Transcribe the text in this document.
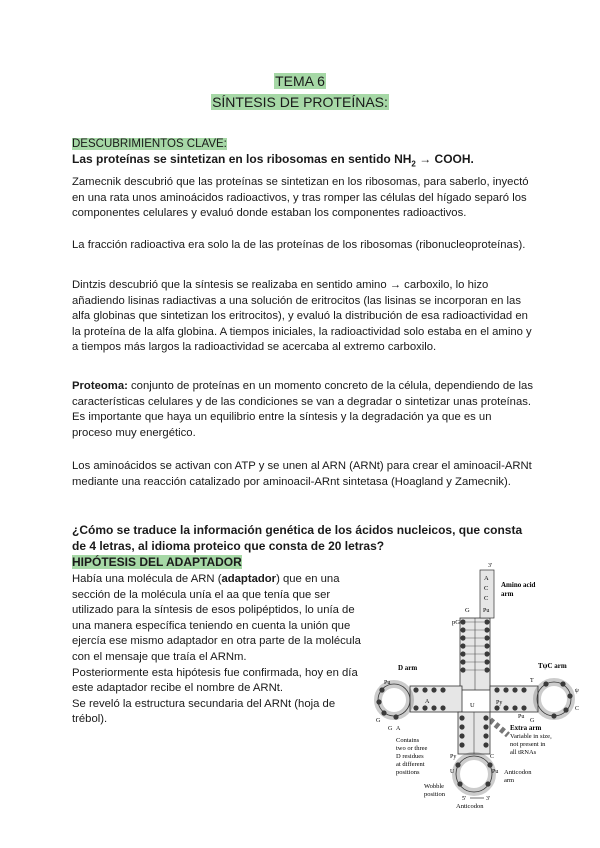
TEMA 6
SÍNTESIS DE PROTEÍNAS:
DESCUBRIMIENTOS CLAVE:
Las proteínas se sintetizan en los ribosomas en sentido $NH_2$ → COOH.

Zamecnik descubrió que las proteínas se sintetizan en los ribosomas, para saberlo, inyectó en una rata unos aminoácidos radioactivos, y tras romper las células del hígado separó los componentes celulares y evaluó donde estaban los componentes radioactivos.

La fracción radioactiva era solo la de las proteínas de los ribosomas (ribonucleoproteínas).

Dintzis descubrió que la síntesis se realizaba en sentido amino → carboxilo, lo hizo añadiendo lisinas radiactivas a una solución de eritrocitos (las lisinas se incorporan en las alfa globinas que sintetizan los eritrocitos), y evaluó la distribución de esa radioactividad en la proteína de la alfa globina. A tiempos iniciales, la radioactividad solo estaba en el amino y a tiempos más largos la radioactividad se acercaba al extremo carboxilo.

Proteoma: conjunto de proteínas en un momento concreto de la célula, dependiendo de las características celulares y de las condiciones se van a degradar o sintetizar unas proteínas. Es importante que haya un equilibrio entre la síntesis y la degradación ya que es un proceso muy energético.

Los aminoácidos se activan con ATP y se unen al ARN (ARNt) para crear el aminoacil-ARNt mediante una reacción catalizado por aminoacil-ARnt sintetasa (Hoagland y Zamecnik).

¿Cómo se traduce la información genética de los ácidos nucleicos, que consta
de 4 letras, al idioma proteico que consta de 20 letras?
HIPÓTESIS DEL ADAPTADOR

Había una molécula de ARN (adaptador) que en una sección de la molécula unía el aa que tenía que ser utilizado para la síntesis de esos polipéptidos, lo unía de una manera específica teniendo en cuenta la unión que ejercía ese mismo adaptador en otra parte de la molécula con el mensaje que traía el ARNm.
Posteriormente esta hipótesis fue confirmada, hoy en día este adaptador recibe el nombre de ARNt.
Se reveló la estructura secundaria del ARNt (hoja de trébol).

3'
A
C
C
Pu
G
pG
Amino acid
arm
D arm
Pu
G
A
G A
U
Contains
two or three
D residues
at different
positions
TψC arm
T
ψ
C
G
Pu
Py
Extra arm
Variable in size,
not present in
all tRNAs
Py
U	Pu
C
Anticodon
arm
Wobble
position
5'	3'
Anticodon
